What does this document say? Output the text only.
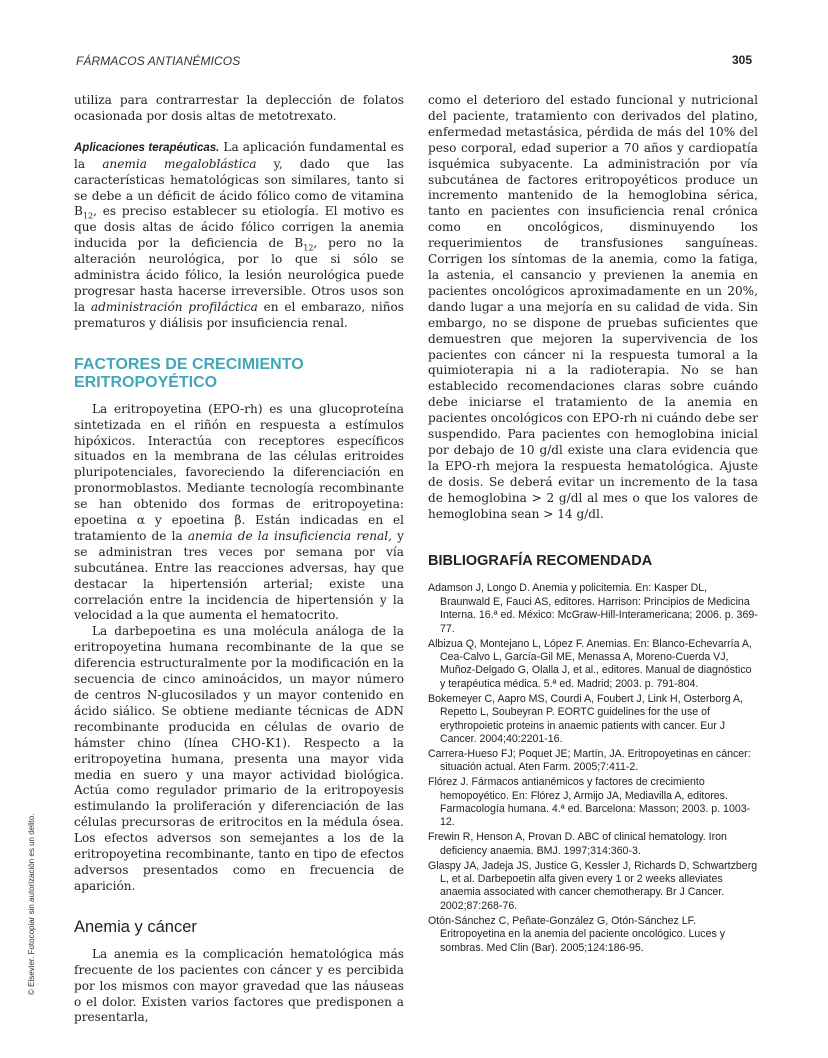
FÁRMACOS ANTIANÉMICOS	305

utiliza para contrarrestar la deplección de folatos ocasionada por dosis altas de metotrexato.

Aplicaciones terapéuticas. La aplicación fundamental es la anemia megaloblástica y, dado que las características hematológicas son similares, tanto si se debe a un déficit de ácido fólico como de vitamina $B_{12}$, es preciso establecer su etiología. El motivo es que dosis altas de ácido fólico corrigen la anemia inducida por la deficiencia de $B_{12}$, pero no la alteración neurológica, por lo que si sólo se administra ácido fólico, la lesión neurológica puede progresar hasta hacerse irreversible. Otros usos son la administración profiláctica en el embarazo, niños prematuros y diálisis por insuficiencia renal.

FACTORES DE CRECIMIENTO

ERITROPOYÉTICO

La eritropoyetina (EPO-rh) es una glucoproteína sintetizada en el riñón en respuesta a estímulos hipóxicos. Interactúa con receptores específicos situados en la membrana de las células eritroides pluripotenciales, favoreciendo la diferenciación en pronormoblastos. Mediante tecnología recombinante se han obtenido dos formas de eritropoyetina: epoetina α y epoetina β. Están indicadas en el tratamiento de la anemia de la insuficiencia renal, y se administran tres veces por semana por vía subcutánea. Entre las reacciones adversas, hay que destacar la hipertensión arterial; existe una correlación entre la incidencia de hipertensión y la velocidad a la que aumenta el hematocrito.

La darbepoetina es una molécula análoga de la eritropoyetina humana recombinante de la que se diferencia estructuralmente por la modificación en la secuencia de cinco aminoácidos, un mayor número de centros N-glucosilados y un mayor contenido en ácido siálico. Se obtiene mediante técnicas de ADN recombinante producida en células de ovario de hámster chino (línea CHO-K1). Respecto a la eritropoyetina humana, presenta una mayor vida media en suero y una mayor actividad biológica. Actúa como regulador primario de la eritropoyesis estimulando la proliferación y diferenciación de las células precursoras de eritrocitos en la médula ósea. Los efectos adversos son semejantes a los de la eritropoyetina recombinante, tanto en tipo de efectos adversos presentados como en frecuencia de aparición.

Anemia y cáncer

La anemia es la complicación hematológica más frecuente de los pacientes con cáncer y es percibida por los mismos con mayor gravedad que las náuseas o el dolor. Existen varios factores que predisponen a presentarla,

como el deterioro del estado funcional y nutricional del paciente, tratamiento con derivados del platino, enfermedad metastásica, pérdida de más del 10% del peso corporal, edad superior a 70 años y cardiopatía isquémica subyacente. La administración por vía subcutánea de factores eritropoyéticos produce un incremento mantenido de la hemoglobina sérica, tanto en pacientes con insuficiencia renal crónica como en oncológicos, disminuyendo los requerimientos de transfusiones sanguíneas. Corrigen los síntomas de la anemia, como la fatiga, la astenia, el cansancio y previenen la anemia en pacientes oncológicos aproximadamente en un 20%, dando lugar a una mejoría en su calidad de vida. Sin embargo, no se dispone de pruebas suficientes que demuestren que mejoren la supervivencia de los pacientes con cáncer ni la respuesta tumoral a la quimioterapia ni a la radioterapia. No se han establecido recomendaciones claras sobre cuándo debe iniciarse el tratamiento de la anemia en pacientes oncológicos con EPO-rh ni cuándo debe ser suspendido. Para pacientes con hemoglobina inicial por debajo de 10 g/dl existe una clara evidencia que la EPO-rh mejora la respuesta hematológica. Ajuste de dosis. Se deberá evitar un incremento de la tasa de hemoglobina > 2 g/dl al mes o que los valores de hemoglobina sean > 14 g/dl.

BIBLIOGRAFÍA RECOMENDADA

Adamson J, Longo D. Anemia y policitemia. En: Kasper DL, Braunwald E, Fauci AS, editores. Harrison: Principios de Medicina Interna. 16.ª ed. México: McGraw-Hill-Interamericana; 2006. p. 369-77.

Albizua Q, Montejano L, López F. Anemias. En: Blanco-Echevarría A, Cea-Calvo L, García-Gil ME, Menassa A, Moreno-Cuerda VJ, Muñoz-Delgado G, Olalla J, et al., editores. Manual de diagnóstico y terapéutica médica. 5.ª ed. Madrid; 2003. p. 791-804.

Bokemeyer C, Aapro MS, Courdi A, Foubert J, Link H, Osterborg A, Repetto L, Soubeyran P. EORTC guidelines for the use of erythropoietic proteins in anaemic patients with cancer. Eur J Cancer. 2004;40:2201-16.

Carrera-Hueso FJ; Poquet JE; Martín, JA. Eritropoyetinas en cáncer: situación actual. Aten Farm. 2005;7:411-2.

Flórez J. Fármacos antianémicos y factores de crecimiento hemopoyético. En: Flórez J, Armijo JA, Mediavilla A, editores. Farmacología humana. 4.ª ed. Barcelona: Masson; 2003. p. 1003-12.

Frewin R, Henson A, Provan D. ABC of clinical hematology. Iron deficiency anaemia. BMJ. 1997;314:360-3.

Glaspy JA, Jadeja JS, Justice G, Kessler J, Richards D, Schwartzberg L, et al. Darbepoetin alfa given every 1 or 2 weeks alleviates anaemia associated with cancer chemotherapy. Br J Cancer. 2002;87:268-76.

Otón-Sánchez C, Peñate-González G, Otón-Sánchez LF. Eritropoyetina en la anemia del paciente oncológico. Luces y sombras. Med Clin (Bar). 2005;124:186-95.

© Elsevier. Fotocopiar sin autorización es un delito.
